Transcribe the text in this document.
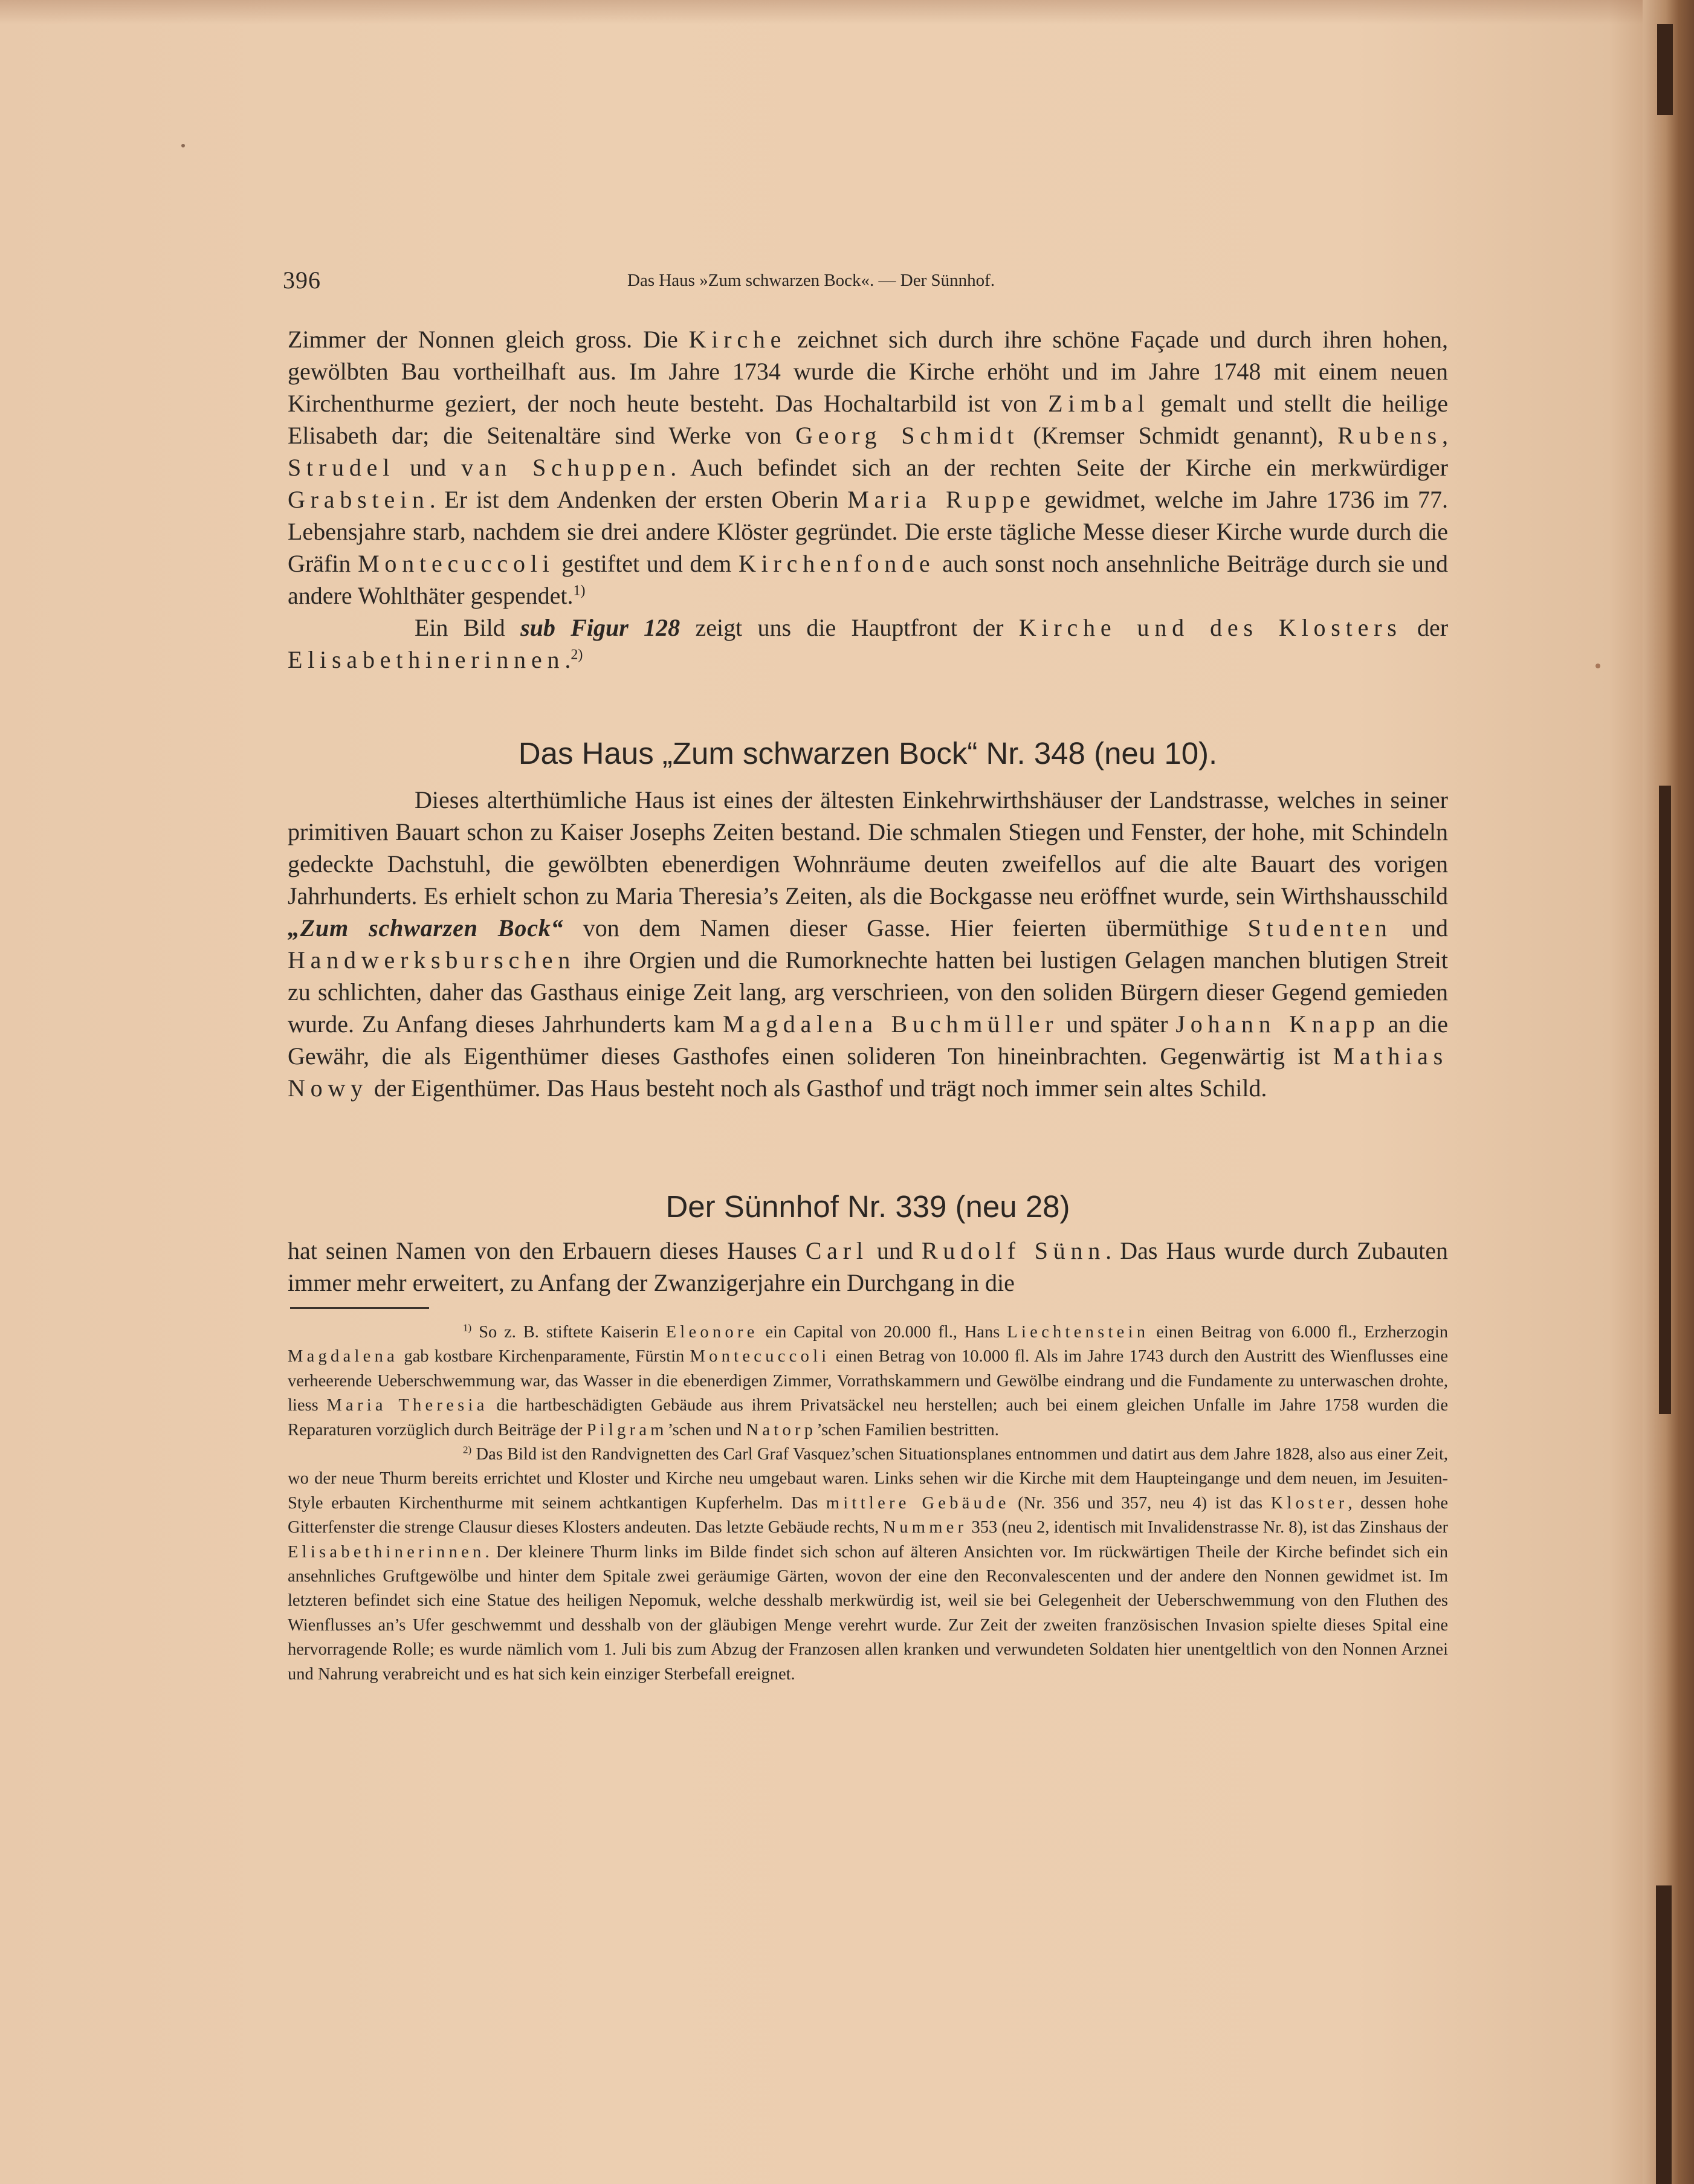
396	Das Haus »Zum schwarzen Bock«. — Der Sünnhof.

Zimmer der Nonnen gleich gross. Die Kirche zeichnet sich durch ihre schöne Façade und durch ihren hohen, gewölbten Bau vortheilhaft aus. Im Jahre 1734 wurde die Kirche erhöht und im Jahre 1748 mit einem neuen Kirchenthurme geziert, der noch heute besteht. Das Hochaltarbild ist von Zimbal gemalt und stellt die heilige Elisabeth dar; die Seitenaltäre sind Werke von Georg Schmidt (Kremser Schmidt genannt), Rubens, Strudel und van Schuppen. Auch befindet sich an der rechten Seite der Kirche ein merkwürdiger Grabstein. Er ist dem Andenken der ersten Oberin Maria Ruppe gewidmet, welche im Jahre 1736 im 77. Lebensjahre starb, nachdem sie drei andere Klöster gegründet. Die erste tägliche Messe dieser Kirche wurde durch die Gräfin Montecuccoli gestiftet und dem Kirchenfonde auch sonst noch ansehnliche Beiträge durch sie und andere Wohlthäter gespendet.$^{1)}$

Ein Bild sub Figur 128 zeigt uns die Hauptfront der Kirche und des Klosters der Elisabethinerinnen.$^{2)}$

Das Haus „Zum schwarzen Bock“ Nr. 348 (neu 10).

Dieses alterthümliche Haus ist eines der ältesten Einkehrwirthshäuser der Landstrasse, welches in seiner primitiven Bauart schon zu Kaiser Josephs Zeiten bestand. Die schmalen Stiegen und Fenster, der hohe, mit Schindeln gedeckte Dachstuhl, die gewölbten ebenerdigen Wohnräume deuten zweifellos auf die alte Bauart des vorigen Jahrhunderts. Es erhielt schon zu Maria Theresia’s Zeiten, als die Bockgasse neu eröffnet wurde, sein Wirthshausschild „Zum schwarzen Bock“ von dem Namen dieser Gasse. Hier feierten übermüthige Studenten und Handwerksburschen ihre Orgien und die Rumorknechte hatten bei lustigen Gelagen manchen blutigen Streit zu schlichten, daher das Gasthaus einige Zeit lang, arg verschrieen, von den soliden Bürgern dieser Gegend gemieden wurde. Zu Anfang dieses Jahrhunderts kam Magdalena Buchmüller und später Johann Knapp an die Gewähr, die als Eigenthümer dieses Gasthofes einen solideren Ton hineinbrachten. Gegenwärtig ist Mathias Nowy der Eigenthümer. Das Haus besteht noch als Gasthof und trägt noch immer sein altes Schild.

Der Sünnhof Nr. 339 (neu 28)

hat seinen Namen von den Erbauern dieses Hauses Carl und Rudolf Sünn. Das Haus wurde durch Zubauten immer mehr erweitert, zu Anfang der Zwanzigerjahre ein Durchgang in die

$^{1)}$ So z. B. stiftete Kaiserin Eleonore ein Capital von 20.000 fl., Hans Liechtenstein einen Beitrag von 6.000 fl., Erzherzogin Magdalena gab kostbare Kirchenparamente, Fürstin Montecuccoli einen Betrag von 10.000 fl. Als im Jahre 1743 durch den Austritt des Wienflusses eine verheerende Ueberschwemmung war, das Wasser in die ebenerdigen Zimmer, Vorrathskammern und Gewölbe eindrang und die Fundamente zu unterwaschen drohte, liess Maria Theresia die hartbeschädigten Gebäude aus ihrem Privatsäckel neu herstellen; auch bei einem gleichen Unfalle im Jahre 1758 wurden die Reparaturen vorzüglich durch Beiträge der Pilgram’schen und Natorp’schen Familien bestritten.

$^{2)}$ Das Bild ist den Randvignetten des Carl Graf Vasquez’schen Situationsplanes entnommen und datirt aus dem Jahre 1828, also aus einer Zeit, wo der neue Thurm bereits errichtet und Kloster und Kirche neu umgebaut waren. Links sehen wir die Kirche mit dem Haupteingange und dem neuen, im Jesuiten-Style erbauten Kirchenthurme mit seinem achtkantigen Kupferhelm. Das mittlere Gebäude (Nr. 356 und 357, neu 4) ist das Kloster, dessen hohe Gitterfenster die strenge Clausur dieses Klosters andeuten. Das letzte Gebäude rechts, Nummer 353 (neu 2, identisch mit Invalidenstrasse Nr. 8), ist das Zinshaus der Elisabethinerinnen. Der kleinere Thurm links im Bilde findet sich schon auf älteren Ansichten vor. Im rückwärtigen Theile der Kirche befindet sich ein ansehnliches Gruftgewölbe und hinter dem Spitale zwei geräumige Gärten, wovon der eine den Reconvalescenten und der andere den Nonnen gewidmet ist. Im letzteren befindet sich eine Statue des heiligen Nepomuk, welche desshalb merkwürdig ist, weil sie bei Gelegenheit der Ueberschwemmung von den Fluthen des Wienflusses an’s Ufer geschwemmt und desshalb von der gläubigen Menge verehrt wurde. Zur Zeit der zweiten französischen Invasion spielte dieses Spital eine hervorragende Rolle; es wurde nämlich vom 1. Juli bis zum Abzug der Franzosen allen kranken und verwundeten Soldaten hier unentgeltlich von den Nonnen Arznei und Nahrung verabreicht und es hat sich kein einziger Sterbefall ereignet.
